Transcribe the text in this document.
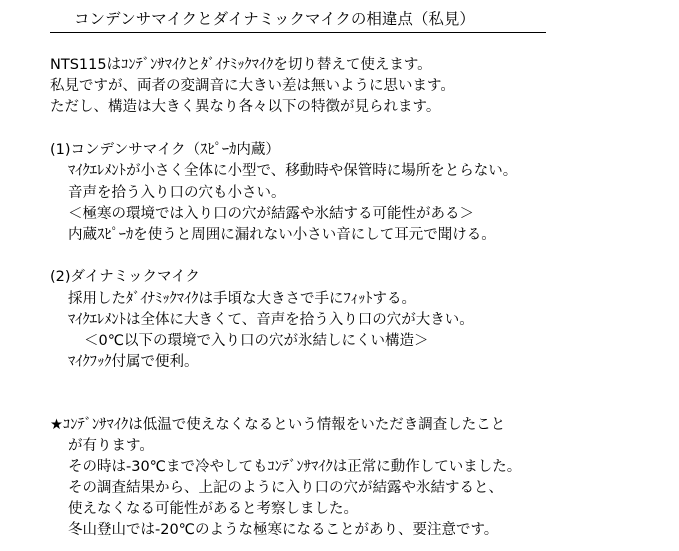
コンデンサマイクとダイナミックマイクの相違点（私見）
NTS115はｺﾝﾃﾞﾝｻﾏｲｸとﾀﾞｲﾅﾐｯｸﾏｲｸを切り替えて使えます。
私見ですが、両者の変調音に大きい差は無いように思います。
ただし、構造は大きく異なり各々以下の特徴が見られます。
(1)コンデンサマイク（ｽﾋﾟｰｶ内蔵）
ﾏｲｸｴﾚﾒﾝﾄが小さく全体に小型で、移動時や保管時に場所をとらない。
音声を拾う入り口の穴も小さい。
＜極寒の環境では入り口の穴が結露や氷結する可能性がある＞
内蔵ｽﾋﾟｰｶを使うと周囲に漏れない小さい音にして耳元で聞ける。
(2)ダイナミックマイク
採用したﾀﾞｲﾅﾐｯｸﾏｲｸは手頃な大きさで手にﾌｨｯﾄする。
ﾏｲｸｴﾚﾒﾝﾄは全体に大きくて、音声を拾う入り口の穴が大きい。
＜0℃以下の環境で入り口の穴が氷結しにくい構造＞
ﾏｲｸﾌｯｸ付属で便利。
★ｺﾝﾃﾞﾝｻﾏｲｸは低温で使えなくなるという情報をいただき調査したこと
が有ります。
その時は-30℃まで冷やしてもｺﾝﾃﾞﾝｻﾏｲｸは正常に動作していました。
その調査結果から、上記のように入り口の穴が結露や氷結すると、
使えなくなる可能性があると考察しました。
冬山登山では-20℃のような極寒になることがあり、要注意です。
